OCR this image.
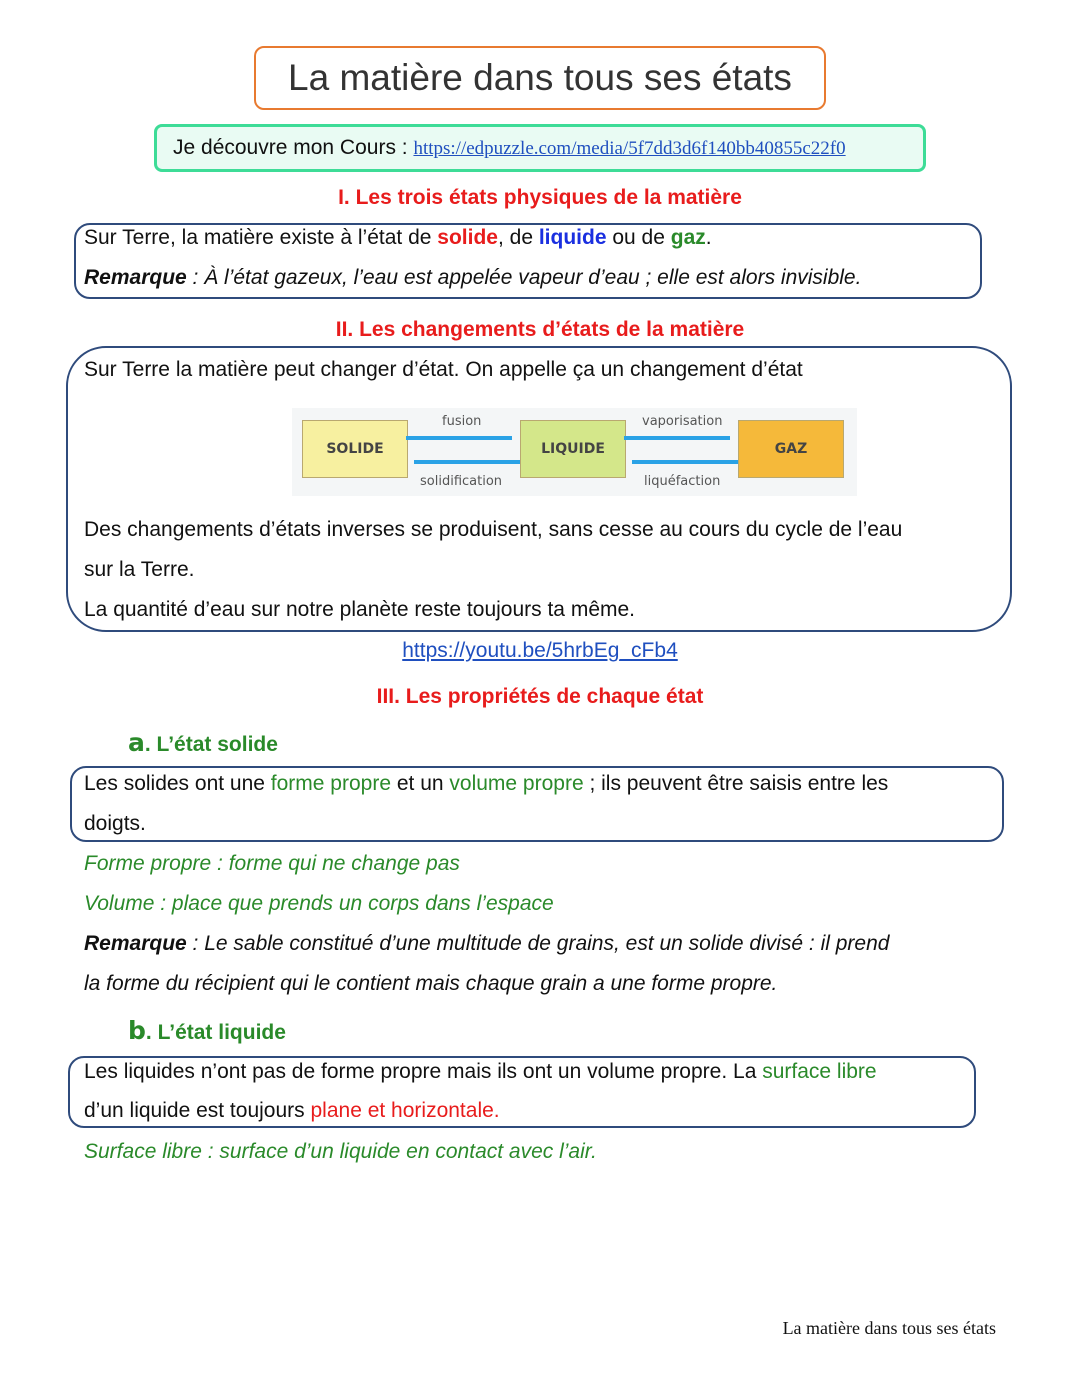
La matière dans tous ses états
Je découvre mon Cours : https://edpuzzle.com/media/5f7dd3d6f140bb40855c22f0
I. Les trois états physiques de la matière
Sur Terre, la matière existe à l’état de solide, de liquide ou de gaz.
Remarque : À l’état gazeux, l’eau est appelée vapeur d’eau ; elle est alors invisible.
II. Les changements d’états de la matière
Sur Terre la matière peut changer d’état. On appelle ça un changement d’état
SOLIDE	LIQUIDE	GAZ
fusion
solidification
vaporisation
liquéfaction
Des changements d’états inverses se produisent, sans cesse au cours du cycle de l’eau
sur la Terre.
La quantité d’eau sur notre planète reste toujours ta même.
https://youtu.be/5hrbEg_cFb4
III. Les propriétés de chaque état
a. L’état solide
Les solides ont une forme propre et un volume propre ; ils peuvent être saisis entre les
doigts.
Forme propre : forme qui ne change pas
Volume : place que prends un corps dans l’espace
Remarque : Le sable constitué d’une multitude de grains, est un solide divisé : il prend
la forme du récipient qui le contient mais chaque grain a une forme propre.
b. L’état liquide
Les liquides n’ont pas de forme propre mais ils ont un volume propre. La surface libre
d’un liquide est toujours plane et horizontale.
Surface libre : surface d’un liquide en contact avec l’air.
La matière dans tous ses états
